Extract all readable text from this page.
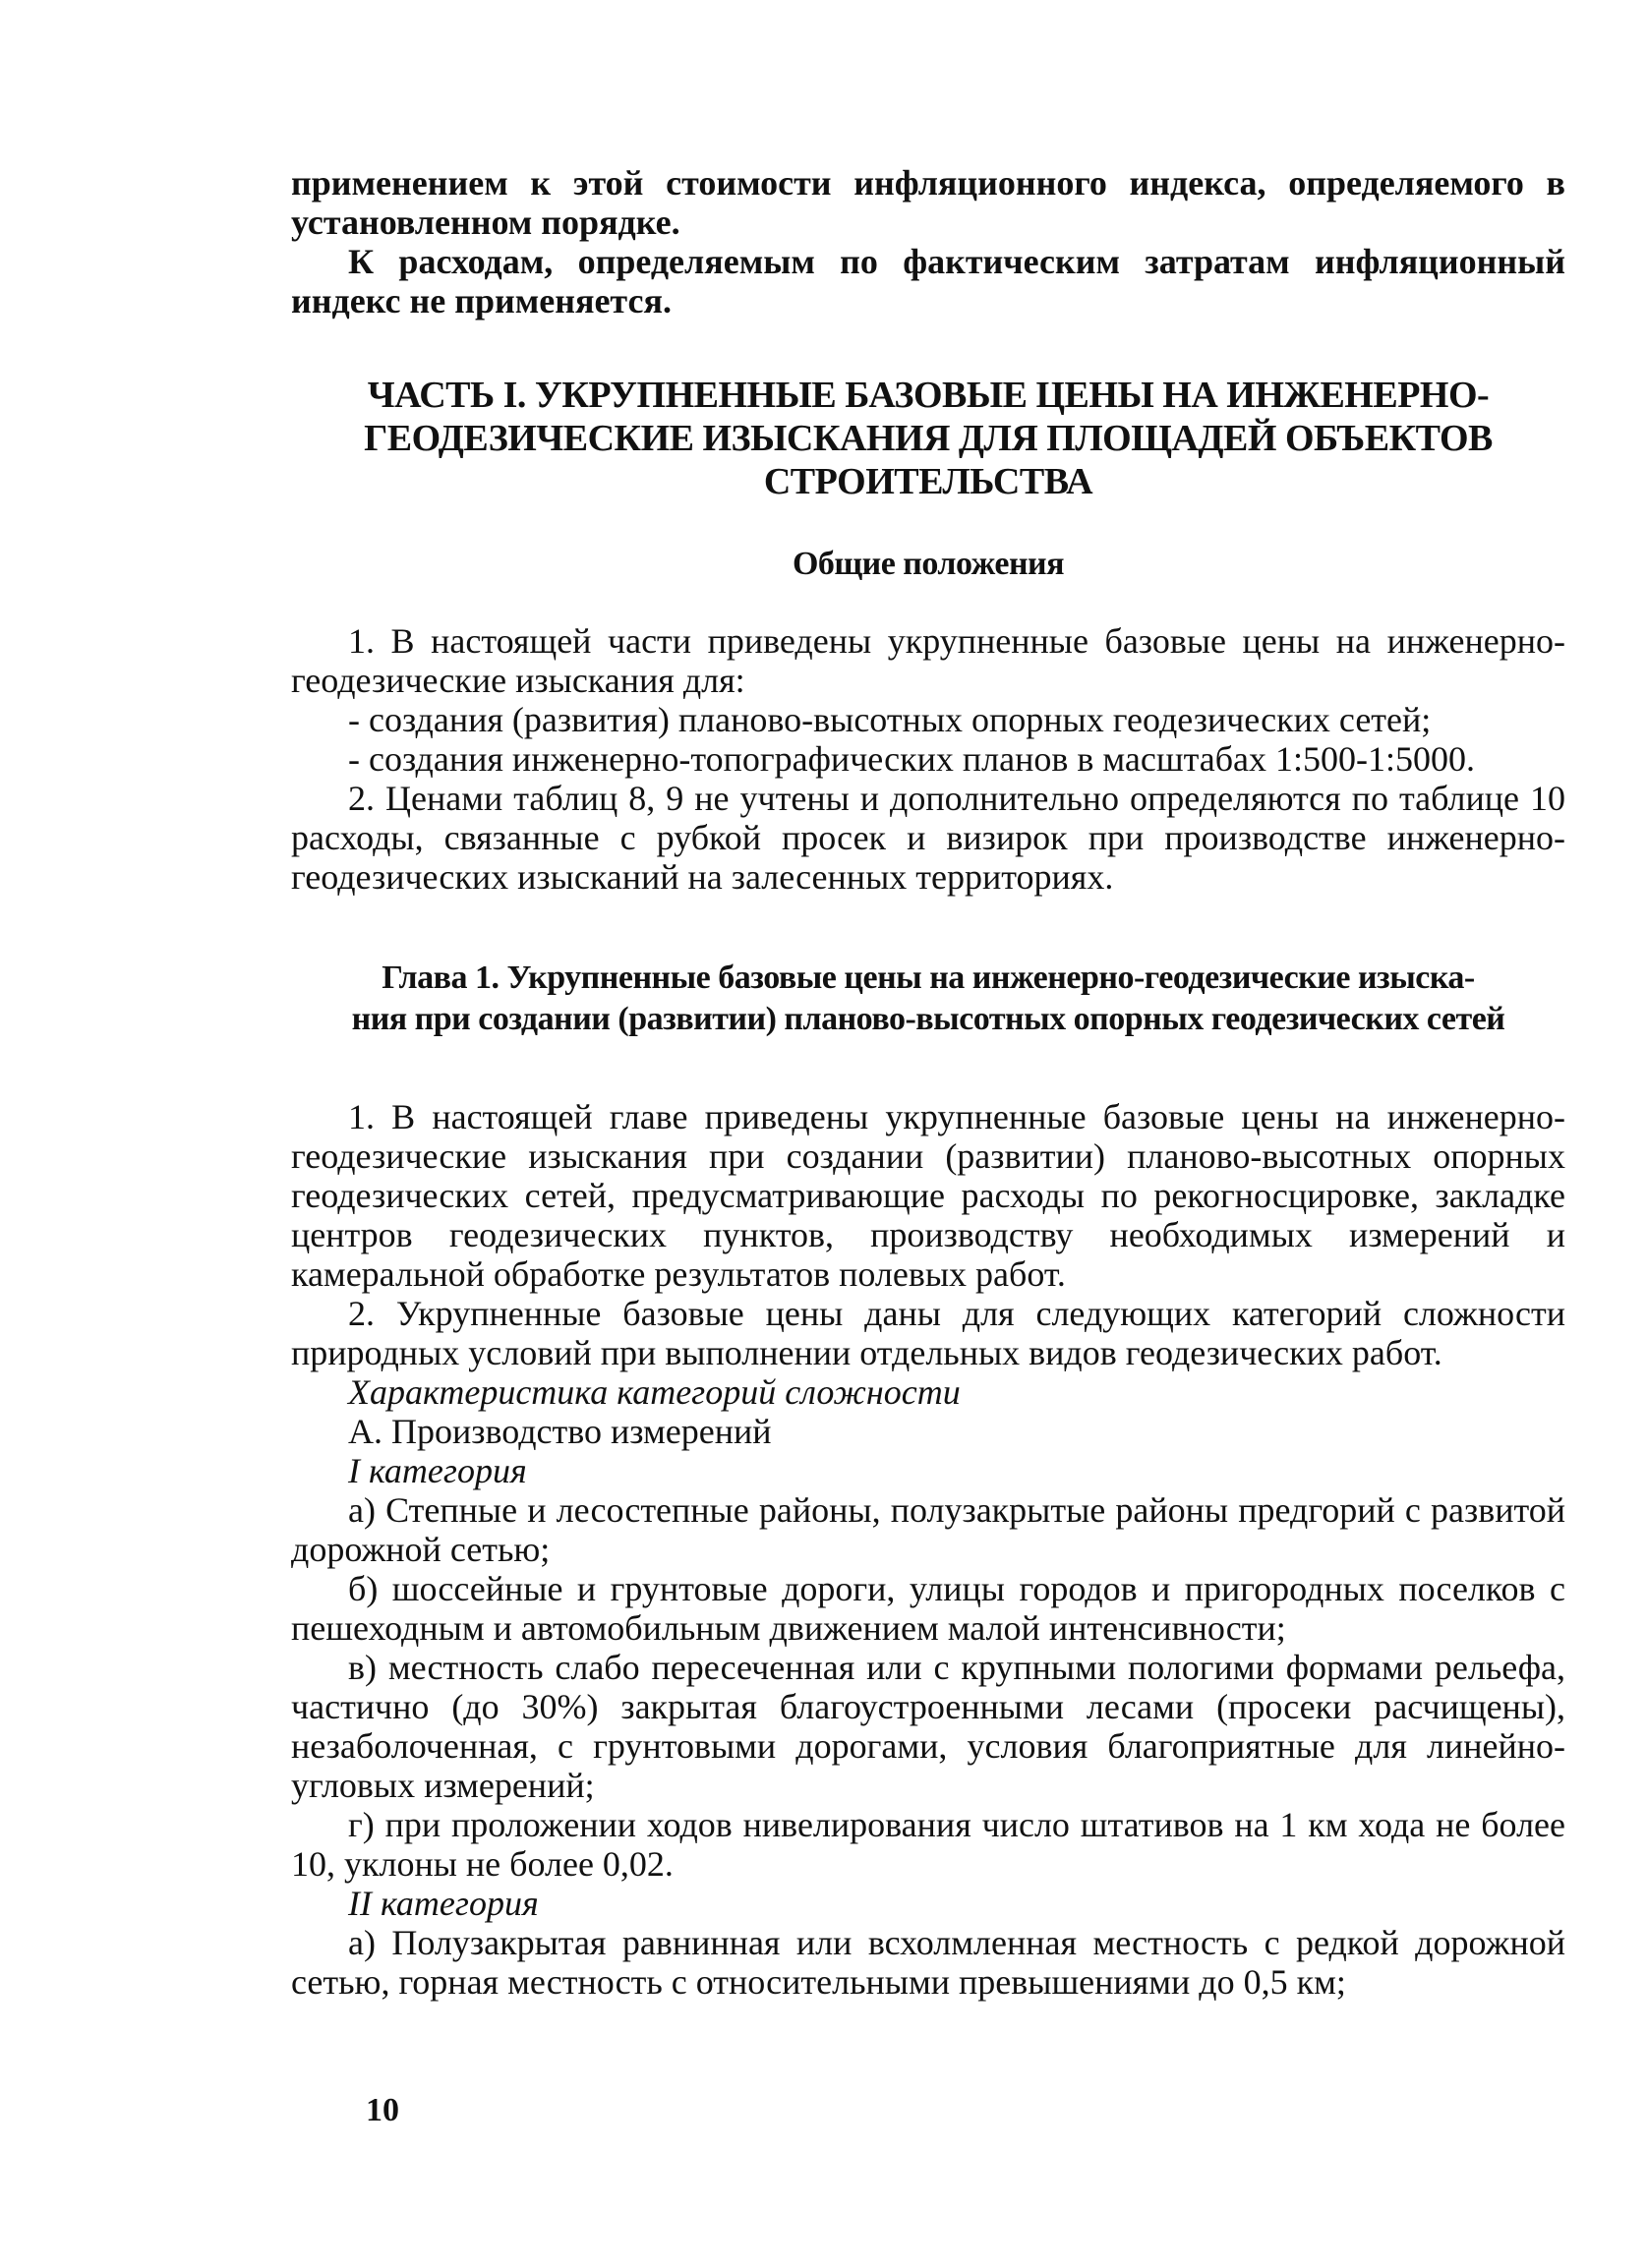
применением к этой стоимости инфляционного индекса, определяемого в установленном порядке.

К расходам, определяемым по фактическим затратам инфляционный индекс не применяется.

ЧАСТЬ I. УКРУПНЕННЫЕ БАЗОВЫЕ ЦЕНЫ НА ИНЖЕНЕРНО-

ГЕОДЕЗИЧЕСКИЕ ИЗЫСКАНИЯ ДЛЯ ПЛОЩАДЕЙ ОБЪЕКТОВ

СТРОИТЕЛЬСТВА

Общие положения

1. В настоящей части приведены укрупненные базовые цены на инженерно-геодезические изыскания для:

- создания (развития) планово-высотных опорных геодезических сетей;

- создания инженерно-топографических планов в масштабах 1:500-1:5000.

2. Ценами таблиц 8, 9 не учтены и дополнительно определяются по таблице 10 расходы, связанные с рубкой просек и визирок при производстве инженерно-геодезических изысканий на залесенных территориях.

Глава 1. Укрупненные базовые цены на инженерно-геодезические изыска-

ния при создании (развитии) планово-высотных опорных геодезических сетей

1. В настоящей главе приведены укрупненные базовые цены на инженерно-геодезические изыскания при создании (развитии) планово-высотных опорных геодезических сетей, предусматривающие расходы по рекогносцировке, закладке центров геодезических пунктов, производству необходимых измерений и камеральной обработке результатов полевых работ.

2. Укрупненные базовые цены даны для следующих категорий сложности природных условий при выполнении отдельных видов геодезических работ.

Характеристика категорий сложности

А. Производство измерений

I категория

а) Степные и лесостепные районы, полузакрытые районы предгорий с развитой дорожной сетью;

б) шоссейные и грунтовые дороги, улицы городов и пригородных поселков с пешеходным и автомобильным движением малой интенсивности;

в) местность слабо пересеченная или с крупными пологими формами рельефа, частично (до 30%) закрытая благоустроенными лесами (просеки расчищены), незаболоченная, с грунтовыми дорогами, условия благоприятные для линейно-угловых измерений;

г) при проложении ходов нивелирования число штативов на 1 км хода не более 10, уклоны не более 0,02.

II категория

а) Полузакрытая равнинная или всхолмленная местность с редкой дорожной сетью, горная местность с относительными превышениями до 0,5 км;

10
